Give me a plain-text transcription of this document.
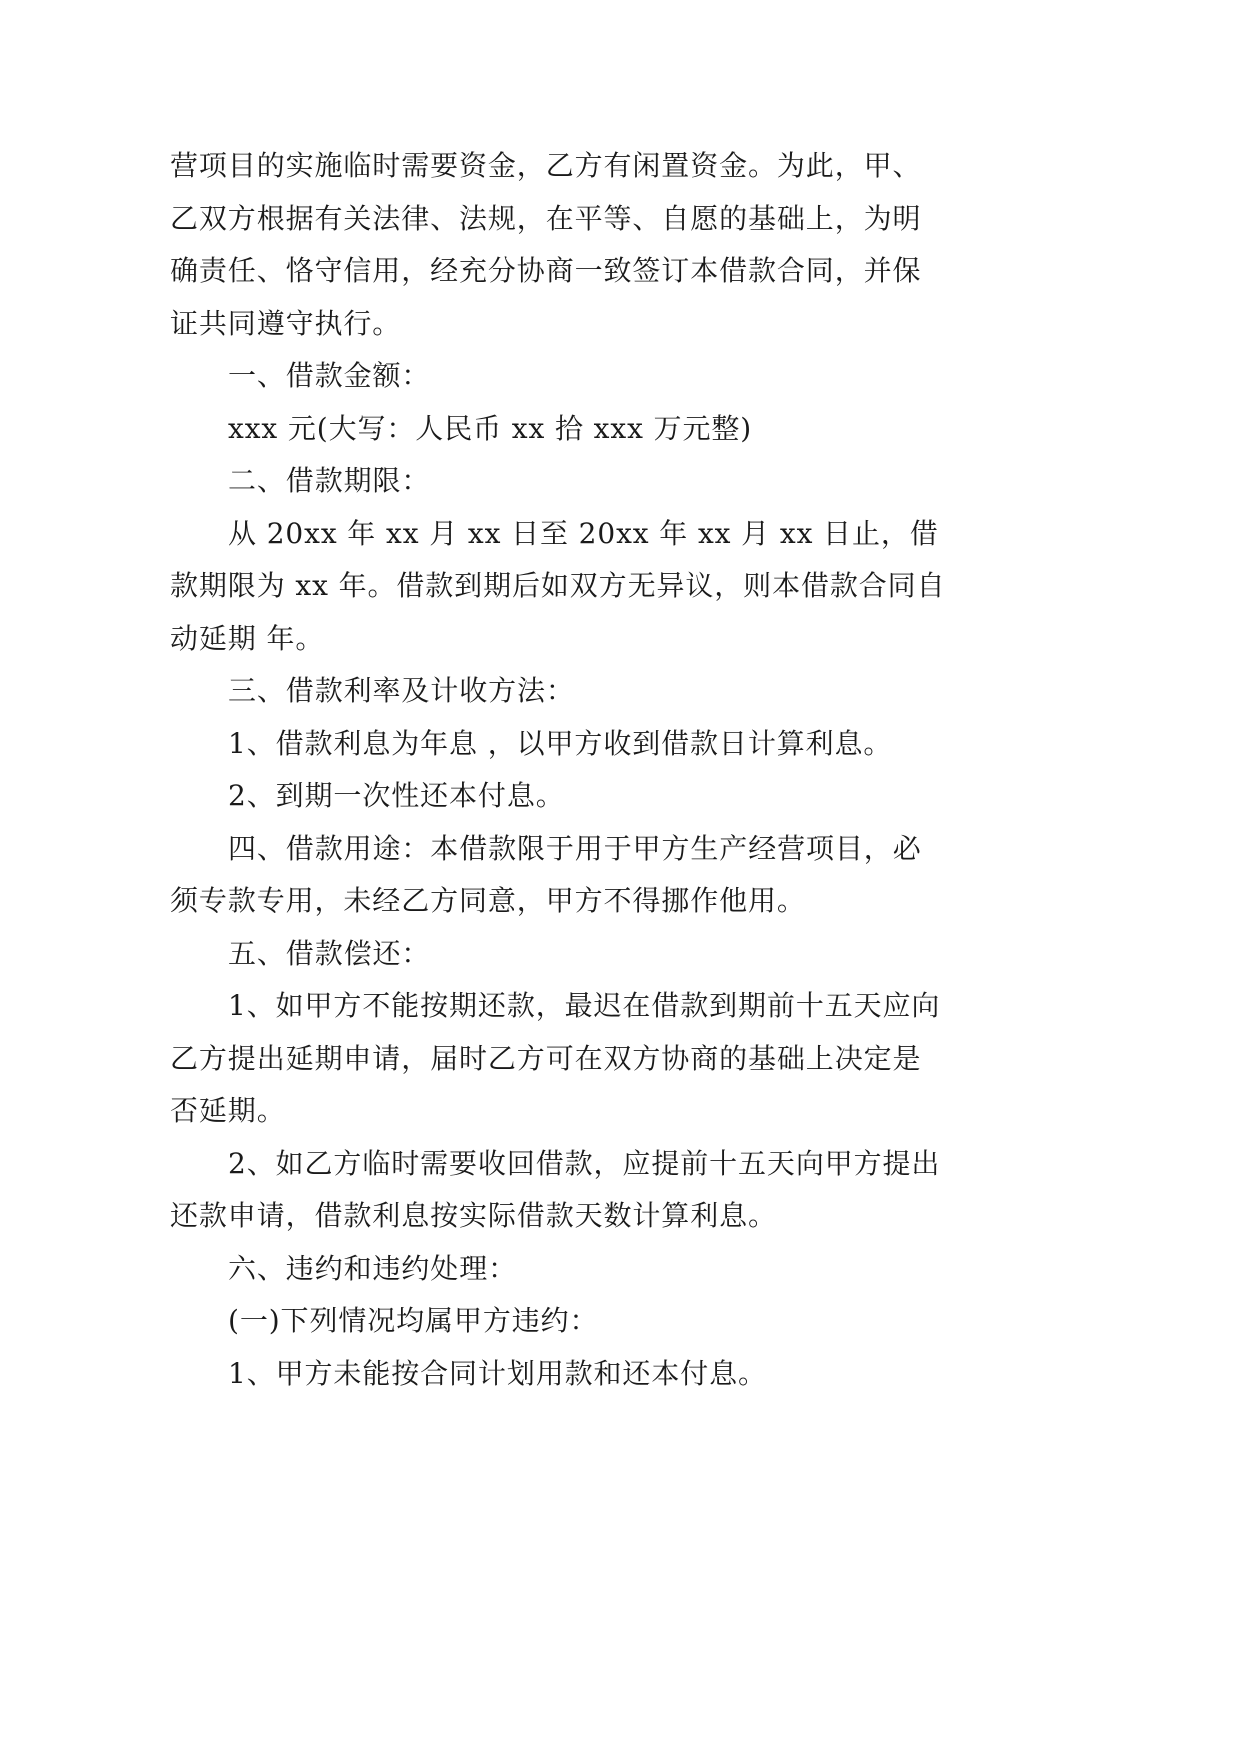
营项目的实施临时需要资金，乙方有闲置资金。为此，甲、乙双方根据有关法律、法规，在平等、自愿的基础上，为明确责任、恪守信用，经充分协商一致签订本借款合同，并保证共同遵守执行。

一、借款金额：

xxx 元(大写：人民币 xx 拾 xxx 万元整)

二、借款期限：

从 20xx 年 xx 月 xx 日至 20xx 年 xx 月 xx 日止，借款期限为 xx 年。借款到期后如双方无异议，则本借款合同自动延期 年。

三、借款利率及计收方法：

1、借款利息为年息 ，以甲方收到借款日计算利息。

2、到期一次性还本付息。

四、借款用途：本借款限于用于甲方生产经营项目，必须专款专用，未经乙方同意，甲方不得挪作他用。

五、借款偿还：

1、如甲方不能按期还款，最迟在借款到期前十五天应向乙方提出延期申请，届时乙方可在双方协商的基础上决定是否延期。

2、如乙方临时需要收回借款，应提前十五天向甲方提出还款申请，借款利息按实际借款天数计算利息。

六、违约和违约处理：

(一)下列情况均属甲方违约：

1、甲方未能按合同计划用款和还本付息。
